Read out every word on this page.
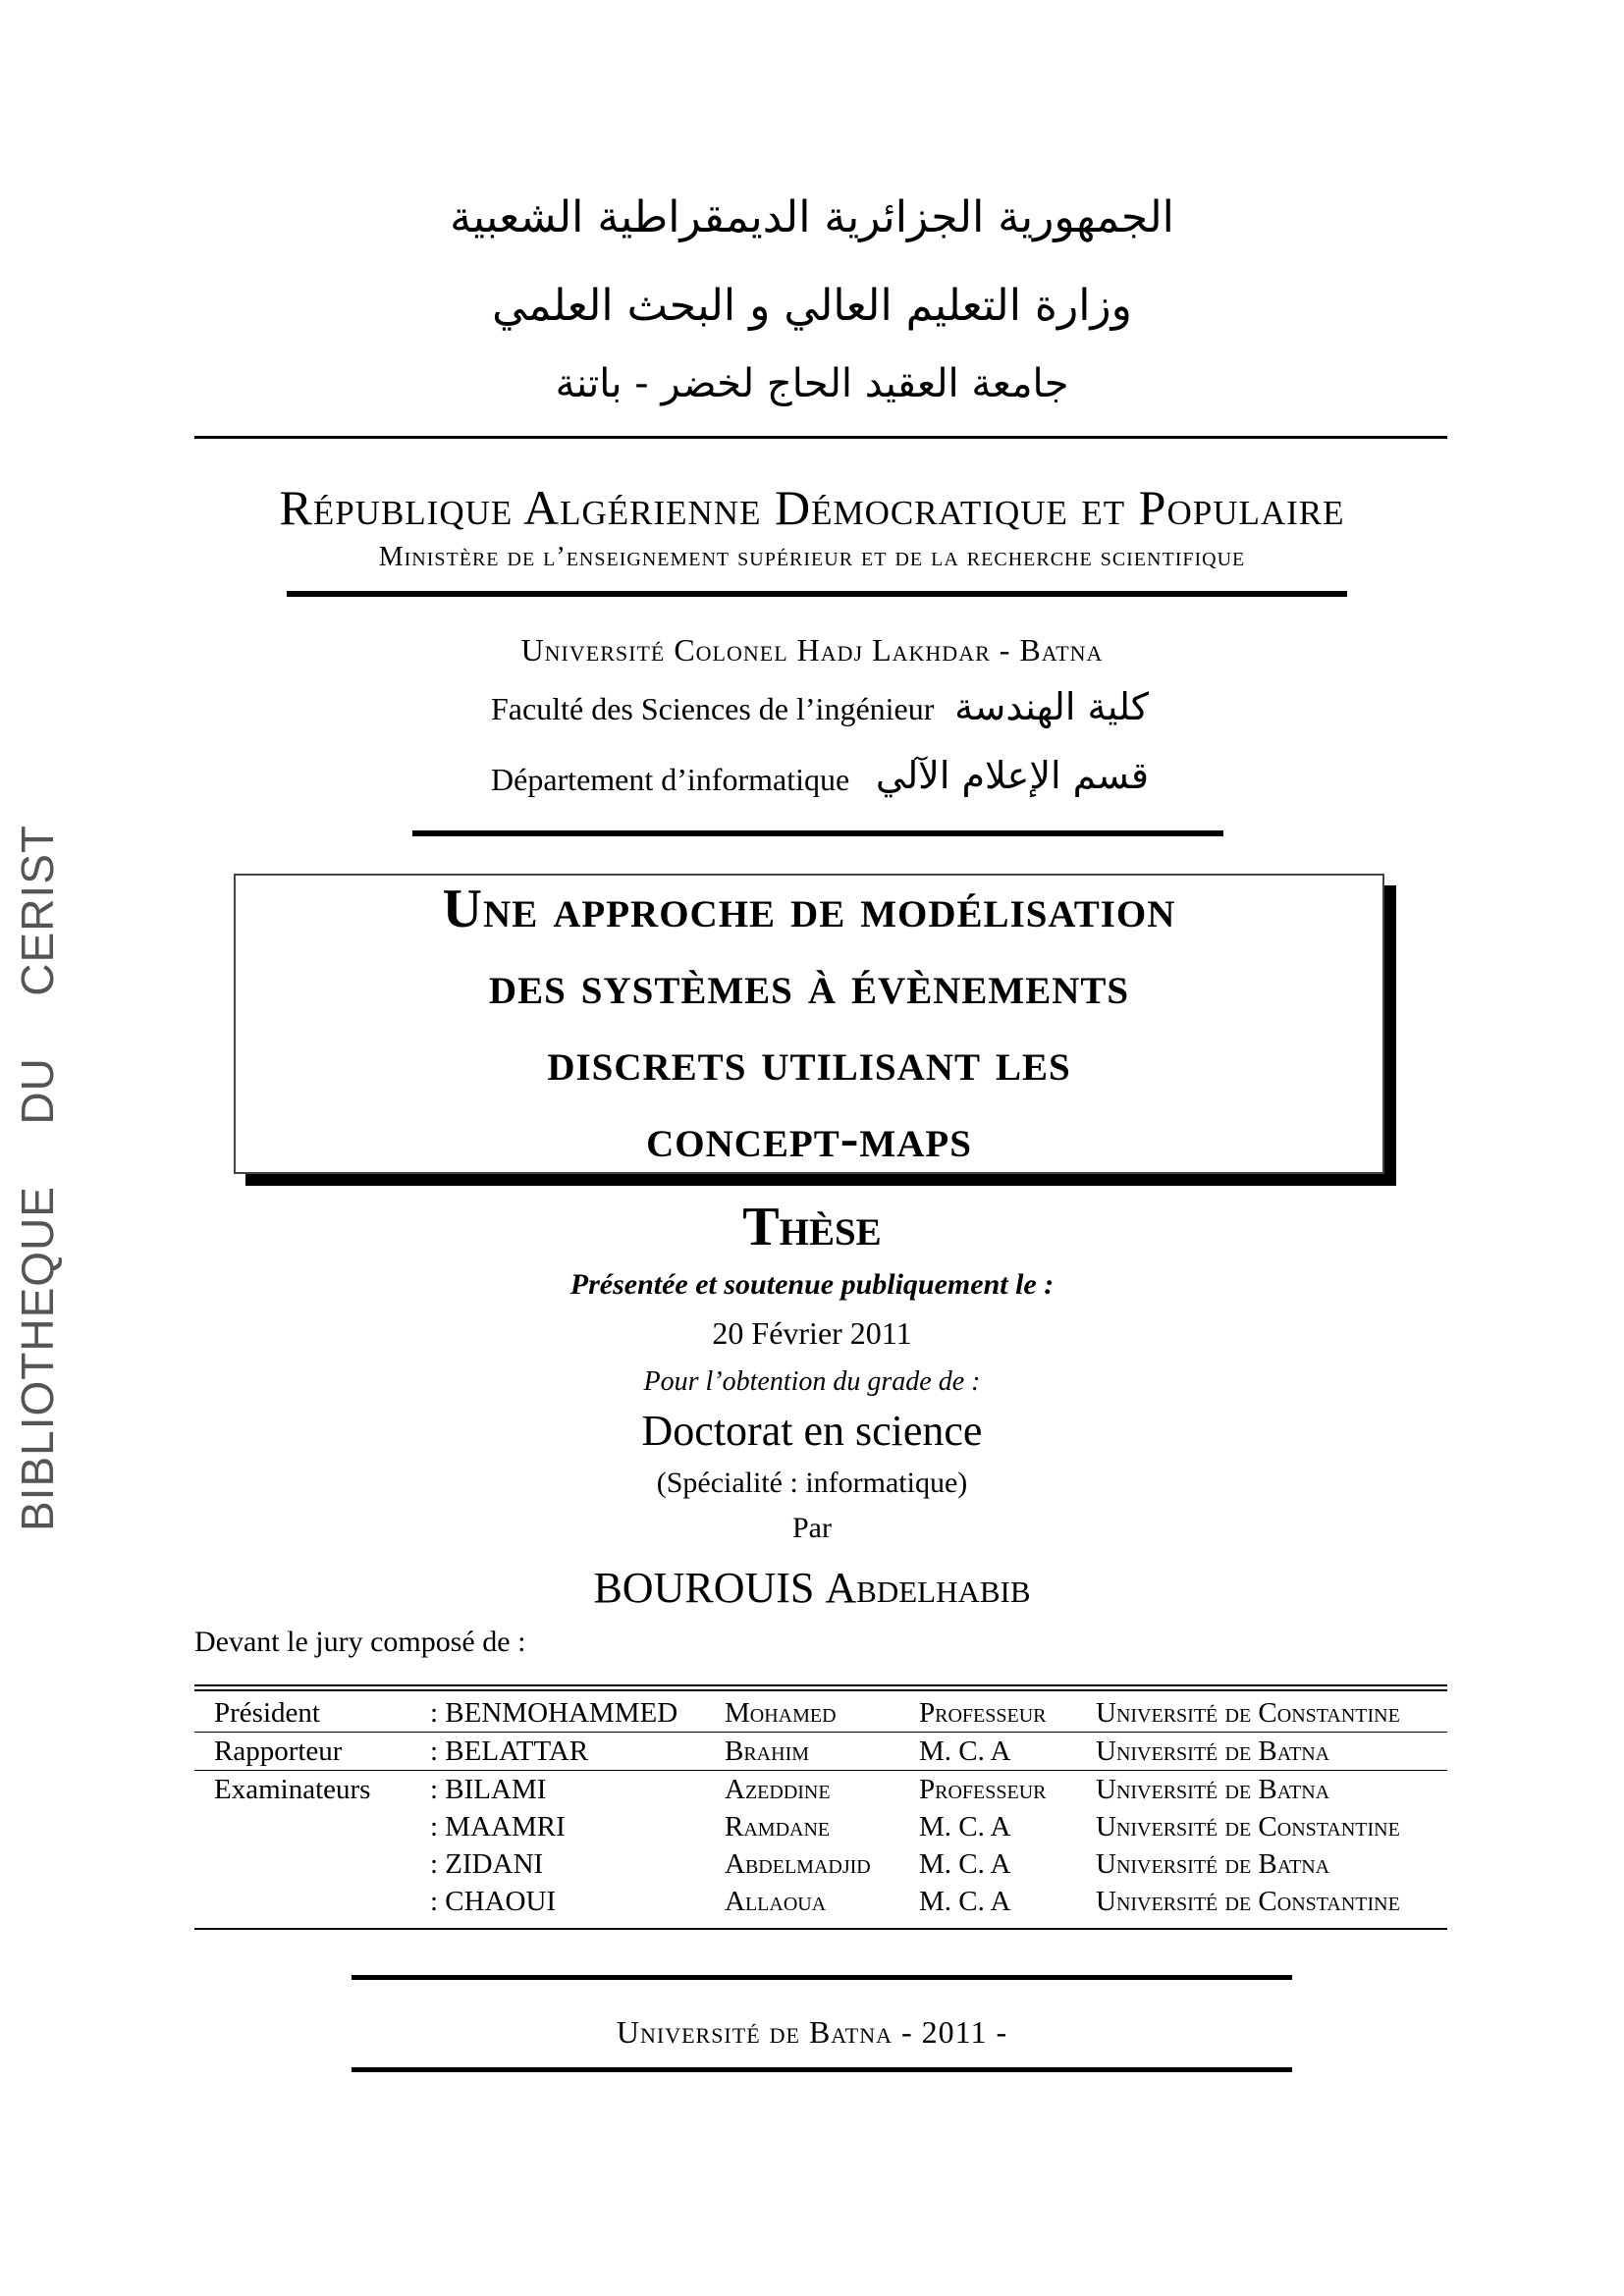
BIBLIOTHEQUE
DU
CERIST
الجمهورية الجزائرية الديمقراطية الشعبية
وزارة التعليم العالي و البحث العلمي
جامعة العقيد الحاج لخضر - باتنة
République Algérienne Démocratique et Populaire
Ministère de l’enseignement supérieur et de la recherche scientifique
Université Colonel Hadj Lakhdar - Batna
Faculté des Sciences de l’ingénieur كلية الهندسة
Département d’informatique قسم الإعلام الآلي
Une approche de modélisation
des systèmes à évènements
discrets utilisant les
concept-maps
Thèse
Présentée et soutenue publiquement le :
20 Février 2011
Pour l’obtention du grade de :
Doctorat en science
(Spécialité : informatique)
Par
BOUROUIS Abdelhabib
Devant le jury composé de :
Président	: BENMOHAMMED	Mohamed	Professeur	Université de Constantine
Rapporteur	: BELATTAR	Brahim	M. C. A	Université de Batna
Examinateurs	: BILAMI	Azeddine	Professeur	Université de Batna
	: MAAMRI	Ramdane	M. C. A	Université de Constantine
	: ZIDANI	Abdelmadjid	M. C. A	Université de Batna
	: CHAOUI	Allaoua	M. C. A	Université de Constantine
Université de Batna - 2011 -
